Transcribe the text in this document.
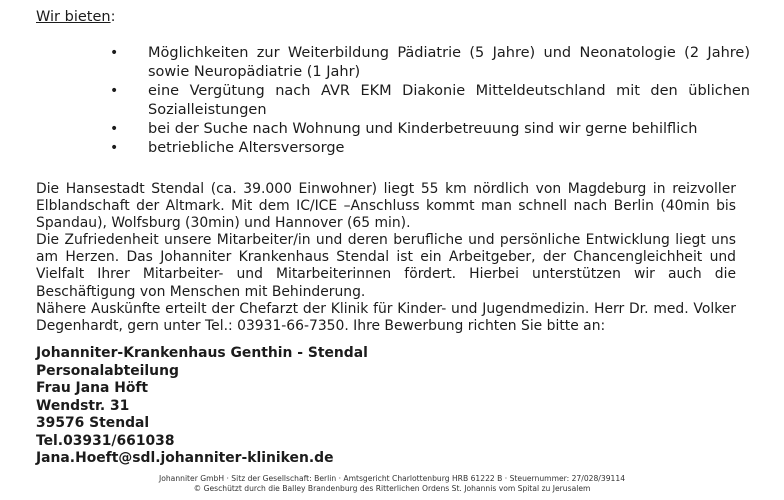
Wir bieten:
•	Möglichkeiten zur Weiterbildung Pädiatrie (5 Jahre) und Neonatologie (2 Jahre) sowie Neuropädiatrie (1 Jahr)
•	eine Vergütung nach AVR EKM Diakonie Mitteldeutschland mit den üblichen Sozialleistungen
•	bei der Suche nach Wohnung und Kinderbetreuung sind wir gerne behilflich
•	betriebliche Altersversorge

Die Hansestadt Stendal (ca. 39.000 Einwohner) liegt 55 km nördlich von Magdeburg in reizvoller Elblandschaft der Altmark. Mit dem IC/ICE –Anschluss kommt man schnell nach Berlin (40min bis Spandau), Wolfsburg (30min) und Hannover (65 min).

Die Zufriedenheit unsere Mitarbeiter/in und deren berufliche und persönliche Entwicklung liegt uns am Herzen. Das Johanniter Krankenhaus Stendal ist ein Arbeitgeber, der Chancengleichheit und Vielfalt Ihrer Mitarbeiter- und Mitarbeiterinnen fördert. Hierbei unterstützen wir auch die Beschäftigung von Menschen mit Behinderung.

Nähere Auskünfte erteilt der Chefarzt der Klinik für Kinder- und Jugendmedizin. Herr Dr. med. Volker Degenhardt, gern unter Tel.: 03931-66-7350. Ihre Bewerbung richten Sie bitte an:

Johanniter-Krankenhaus Genthin - Stendal
Personalabteilung
Frau Jana Höft
Wendstr. 31
39576 Stendal
Tel.03931/661038
Jana.Hoeft@sdl.johanniter-kliniken.de
Johanniter GmbH · Sitz der Gesellschaft: Berlin · Amtsgericht Charlottenburg HRB 61222 B · Steuernummer: 27/028/39114
© Geschützt durch die Balley Brandenburg des Ritterlichen Ordens St. Johannis vom Spital zu Jerusalem
